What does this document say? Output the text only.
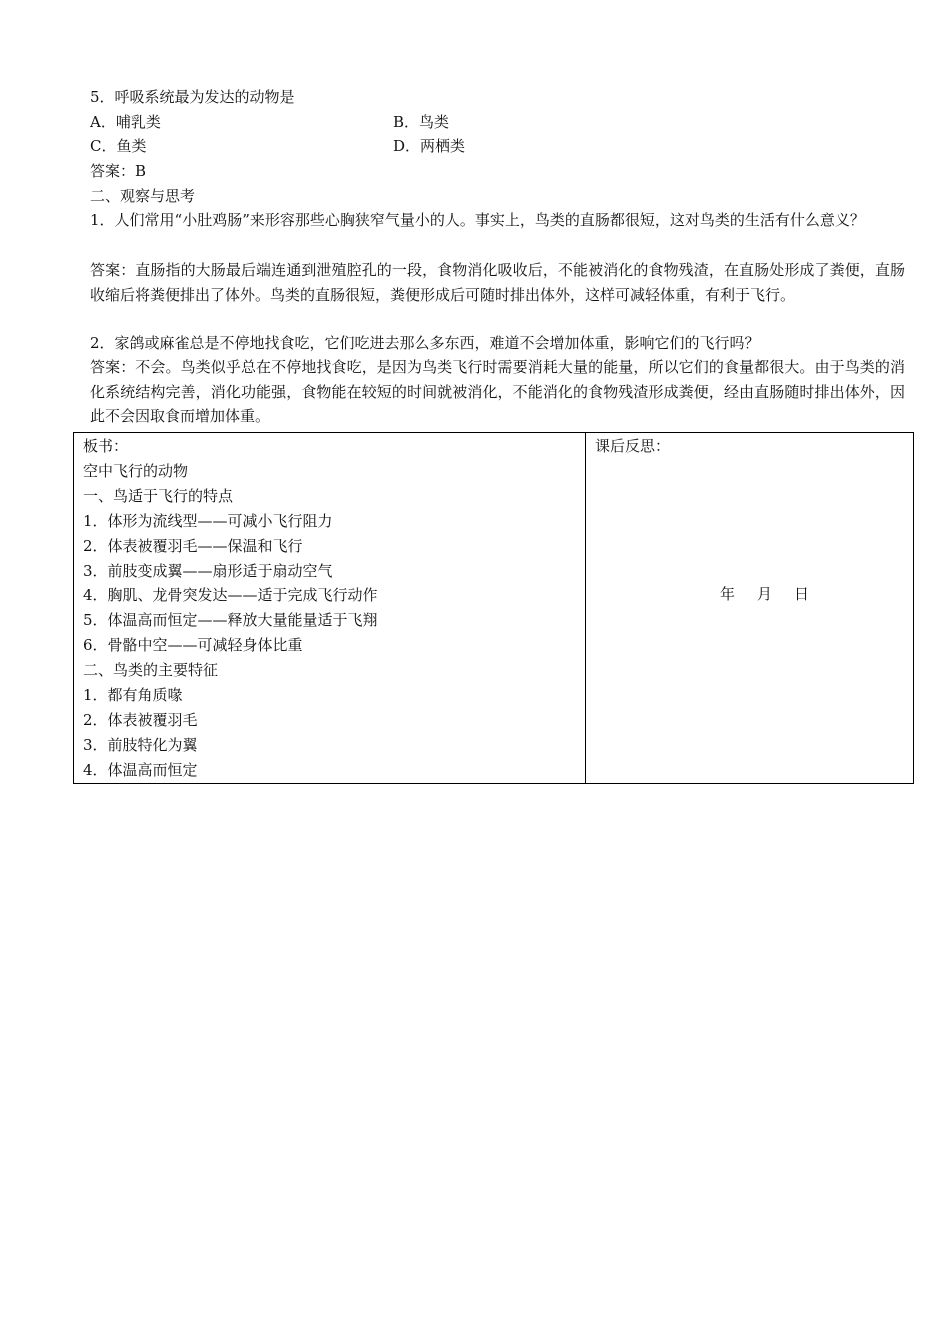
5．呼吸系统最为发达的动物是
A．哺乳类	B．鸟类
C．鱼类	D．两栖类
答案：B
二、观察与思考
1．人们常用“小肚鸡肠”来形容那些心胸狭窄气量小的人。事实上，鸟类的直肠都很短，这对鸟类的生活有什么意义？
答案：直肠指的大肠最后端连通到泄殖腔孔的一段，食物消化吸收后，不能被消化的食物残渣，在直肠处形成了粪便，直肠收缩后将粪便排出了体外。鸟类的直肠很短，粪便形成后可随时排出体外，这样可减轻体重，有利于飞行。
2．家鸽或麻雀总是不停地找食吃，它们吃进去那么多东西，难道不会增加体重，影响它们的飞行吗？
答案：不会。鸟类似乎总在不停地找食吃，是因为鸟类飞行时需要消耗大量的能量，所以它们的食量都很大。由于鸟类的消化系统结构完善，消化功能强，食物能在较短的时间就被消化，不能消化的食物残渣形成粪便，经由直肠随时排出体外，因此不会因取食而增加体重。
板书：
空中飞行的动物
一、鸟适于飞行的特点
1．体形为流线型——可减小飞行阻力
2．体表被覆羽毛——保温和飞行
3．前肢变成翼——扇形适于扇动空气
4．胸肌、龙骨突发达——适于完成飞行动作
5．体温高而恒定——释放大量能量适于飞翔
6．骨骼中空——可减轻身体比重
二、鸟类的主要特征
1．都有角质喙
2．体表被覆羽毛
3．前肢特化为翼
4．体温高而恒定

课后反思：
年 月 日
